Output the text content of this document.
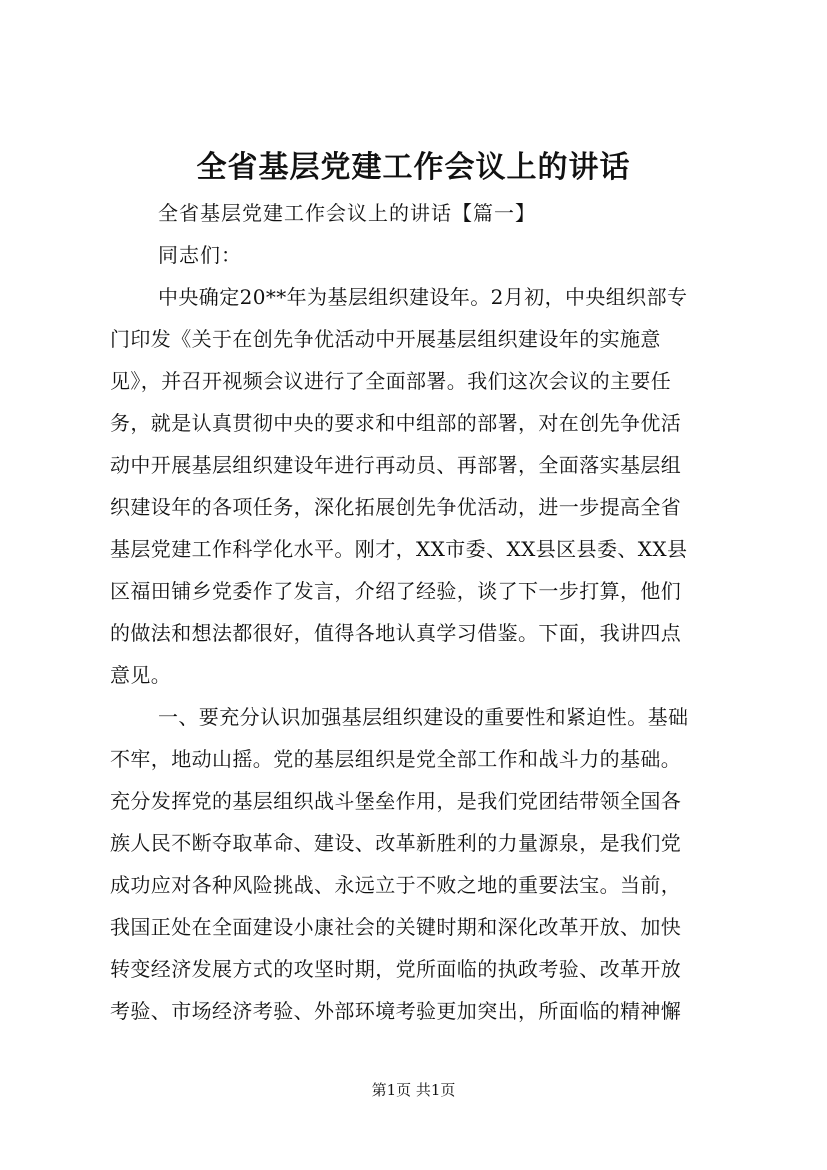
全省基层党建工作会议上的讲话
全省基层党建工作会议上的讲话【篇一】
同志们：
中央确定20**年为基层组织建设年。2月初，中央组织部专
门印发《关于在创先争优活动中开展基层组织建设年的实施意
见》，并召开视频会议进行了全面部署。我们这次会议的主要任
务，就是认真贯彻中央的要求和中组部的部署，对在创先争优活
动中开展基层组织建设年进行再动员、再部署，全面落实基层组
织建设年的各项任务，深化拓展创先争优活动，进一步提高全省
基层党建工作科学化水平。刚才，XX市委、XX县区县委、XX县
区福田铺乡党委作了发言，介绍了经验，谈了下一步打算，他们
的做法和想法都很好，值得各地认真学习借鉴。下面，我讲四点
意见。
一、要充分认识加强基层组织建设的重要性和紧迫性。基础
不牢，地动山摇。党的基层组织是党全部工作和战斗力的基础。
充分发挥党的基层组织战斗堡垒作用，是我们党团结带领全国各
族人民不断夺取革命、建设、改革新胜利的力量源泉，是我们党
成功应对各种风险挑战、永远立于不败之地的重要法宝。当前，
我国正处在全面建设小康社会的关键时期和深化改革开放、加快
转变经济发展方式的攻坚时期，党所面临的执政考验、改革开放
考验、市场经济考验、外部环境考验更加突出，所面临的精神懈
第1页 共1页
